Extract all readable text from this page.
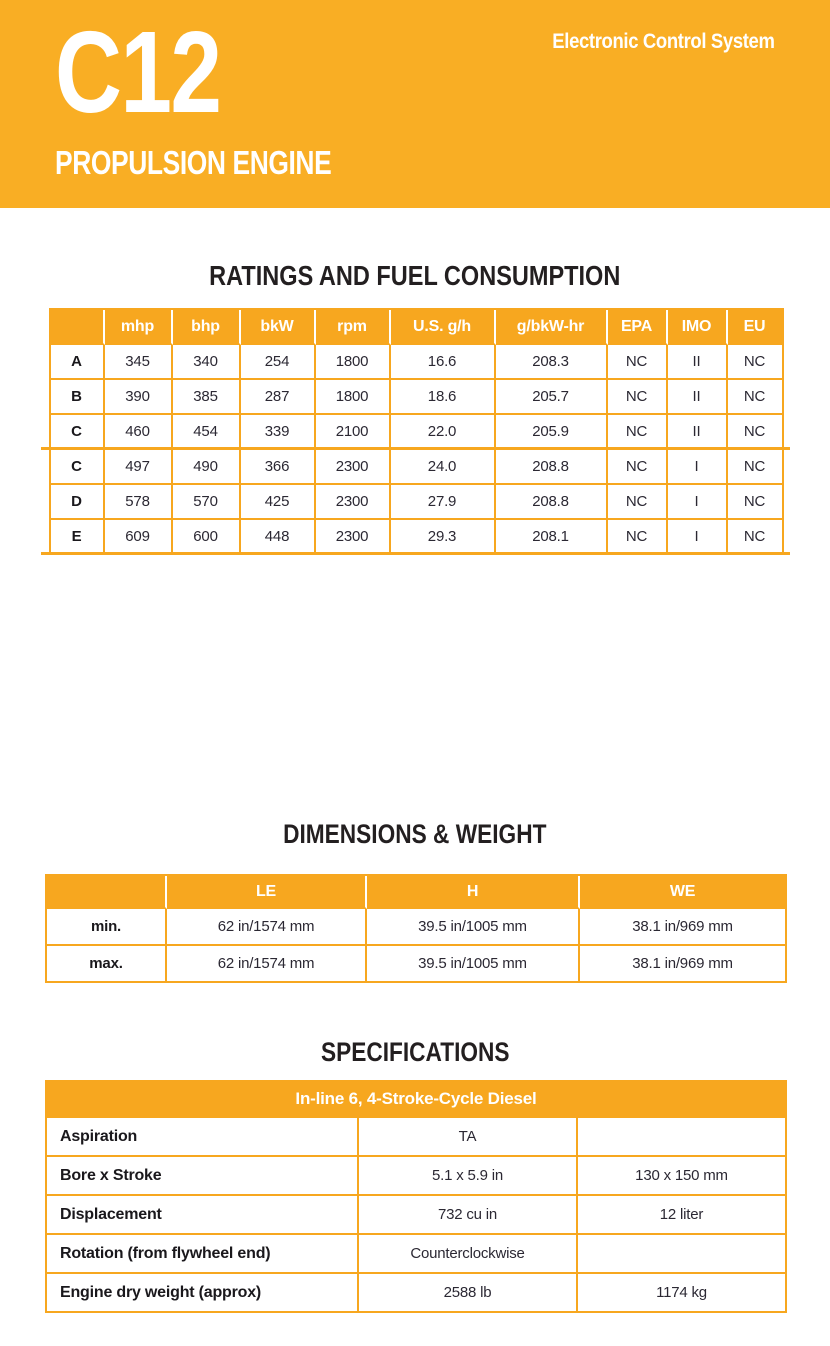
Electronic Control System
C12
PROPULSION ENGINE
RATINGS AND FUEL CONSUMPTION
	mhp	bhp	bkW	rpm	U.S. g/h	g/bkW-hr	EPA	IMO	EU
A	345	340	254	1800	16.6	208.3	NC	II	NC
B	390	385	287	1800	18.6	205.7	NC	II	NC
C	460	454	339	2100	22.0	205.9	NC	II	NC
C	497	490	366	2300	24.0	208.8	NC	I	NC
D	578	570	425	2300	27.9	208.8	NC	I	NC
E	609	600	448	2300	29.3	208.1	NC	I	NC
DIMENSIONS & WEIGHT
	LE	H	WE
min.	62 in/1574 mm	39.5 in/1005 mm	38.1 in/969 mm
max.	62 in/1574 mm	39.5 in/1005 mm	38.1 in/969 mm
SPECIFICATIONS
In-line 6, 4-Stroke-Cycle Diesel		
Aspiration	TA	
Bore x Stroke	5.1 x 5.9 in	130 x 150 mm
Displacement	732 cu in	12 liter
Rotation (from flywheel end)	Counterclockwise	
Engine dry weight (approx)	2588 lb	1174 kg
